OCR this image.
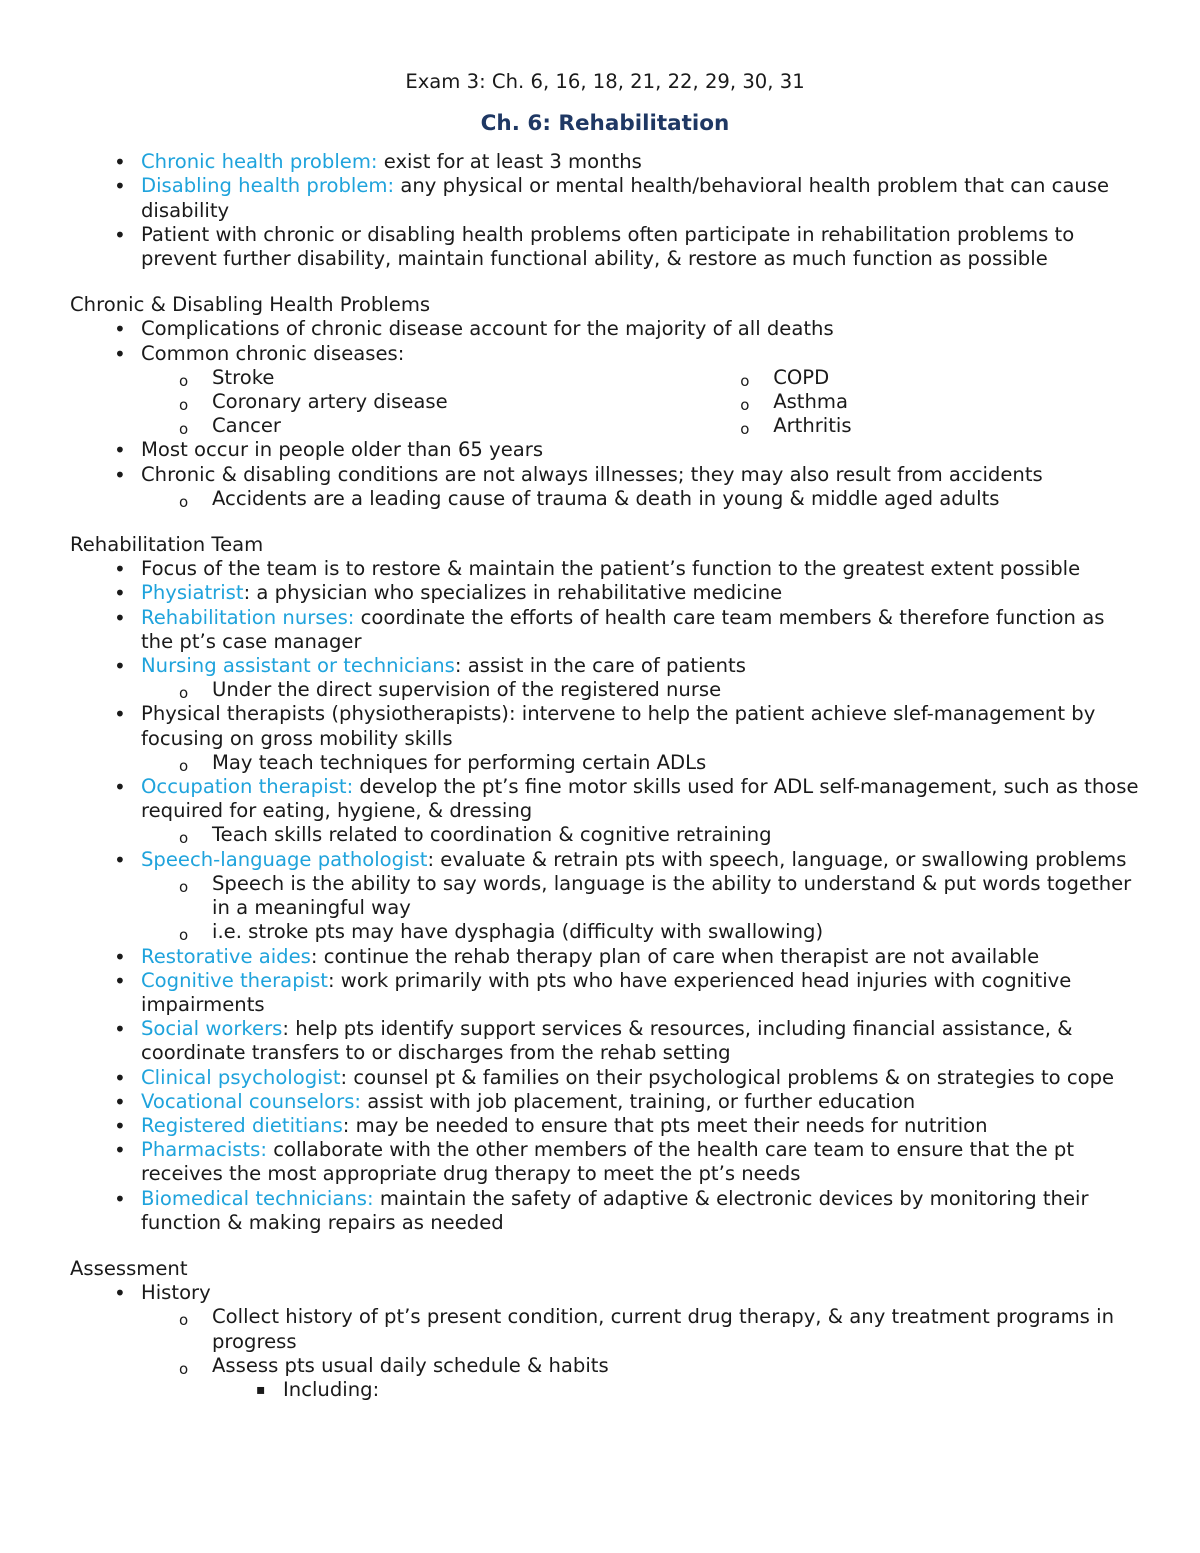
Exam 3: Ch. 6, 16, 18, 21, 22, 29, 30, 31

Ch. 6: Rehabilitation

• Chronic health problem: exist for at least 3 months
• Disabling health problem: any physical or mental health/behavioral health problem that can cause disability
• Patient with chronic or disabling health problems often participate in rehabilitation problems to prevent further disability, maintain functional ability, & restore as much function as possible

Chronic & Disabling Health Problems

• Complications of chronic disease account for the majority of all deaths
• Common chronic diseases:
o Stroke
o Coronary artery disease
o Cancer
o COPD
o Asthma
o Arthritis
• Most occur in people older than 65 years
• Chronic & disabling conditions are not always illnesses; they may also result from accidents
o Accidents are a leading cause of trauma & death in young & middle aged adults

Rehabilitation Team

• Focus of the team is to restore & maintain the patient’s function to the greatest extent possible
• Physiatrist: a physician who specializes in rehabilitative medicine
• Rehabilitation nurses: coordinate the efforts of health care team members & therefore function as the pt’s case manager
• Nursing assistant or technicians: assist in the care of patients
o Under the direct supervision of the registered nurse
• Physical therapists (physiotherapists): intervene to help the patient achieve slef-management by focusing on gross mobility skills
o May teach techniques for performing certain ADLs
• Occupation therapist: develop the pt’s fine motor skills used for ADL self-management, such as those required for eating, hygiene, & dressing
o Teach skills related to coordination & cognitive retraining
• Speech-language pathologist: evaluate & retrain pts with speech, language, or swallowing problems
o Speech is the ability to say words, language is the ability to understand & put words together in a meaningful way
o i.e. stroke pts may have dysphagia (difficulty with swallowing)
• Restorative aides: continue the rehab therapy plan of care when therapist are not available
• Cognitive therapist: work primarily with pts who have experienced head injuries with cognitive impairments
• Social workers: help pts identify support services & resources, including financial assistance, & coordinate transfers to or discharges from the rehab setting
• Clinical psychologist: counsel pt & families on their psychological problems & on strategies to cope
• Vocational counselors: assist with job placement, training, or further education
• Registered dietitians: may be needed to ensure that pts meet their needs for nutrition
• Pharmacists: collaborate with the other members of the health care team to ensure that the pt receives the most appropriate drug therapy to meet the pt’s needs
• Biomedical technicians: maintain the safety of adaptive & electronic devices by monitoring their function & making repairs as needed

Assessment

• History
o Collect history of pt’s present condition, current drug therapy, & any treatment programs in progress
o Assess pts usual daily schedule & habits
▪ Including:
